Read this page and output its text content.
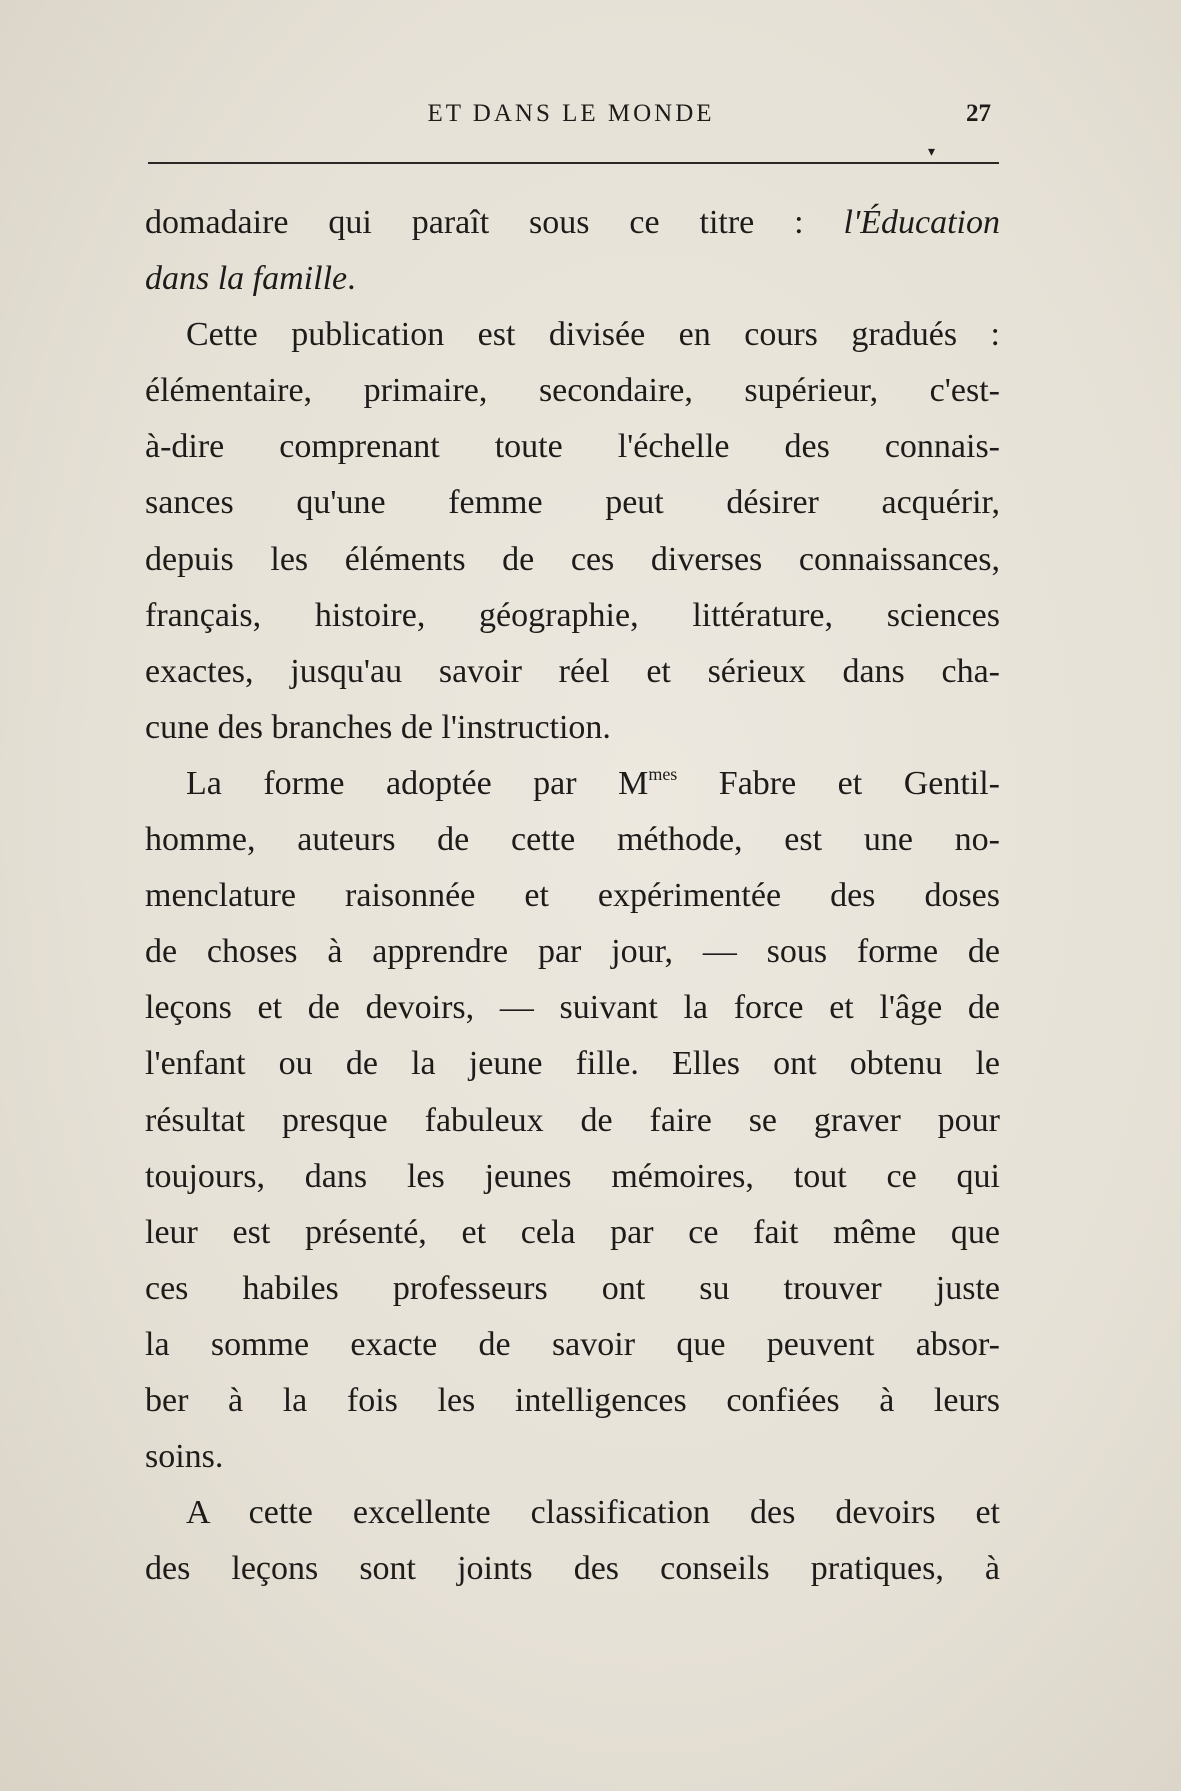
ET DANS LE MONDE	27
▾
domadaire qui paraît sous ce titre : l'Éducation
dans la famille.
Cette publication est divisée en cours gradués :
élémentaire, primaire, secondaire, supérieur, c'est-
à-dire comprenant toute l'échelle des connais-
sances qu'une femme peut désirer acquérir,
depuis les éléments de ces diverses connaissances,
français, histoire, géographie, littérature, sciences
exactes, jusqu'au savoir réel et sérieux dans cha-
cune des branches de l'instruction.
La forme adoptée par $M^{mes}$ Fabre et Gentil-
homme, auteurs de cette méthode, est une no-
menclature raisonnée et expérimentée des doses
de choses à apprendre par jour, — sous forme de
leçons et de devoirs, — suivant la force et l'âge de
l'enfant ou de la jeune fille. Elles ont obtenu le
résultat presque fabuleux de faire se graver pour
toujours, dans les jeunes mémoires, tout ce qui
leur est présenté, et cela par ce fait même que
ces habiles professeurs ont su trouver juste
la somme exacte de savoir que peuvent absor-
ber à la fois les intelligences confiées à leurs
soins.
A cette excellente classification des devoirs et
des leçons sont joints des conseils pratiques, à
